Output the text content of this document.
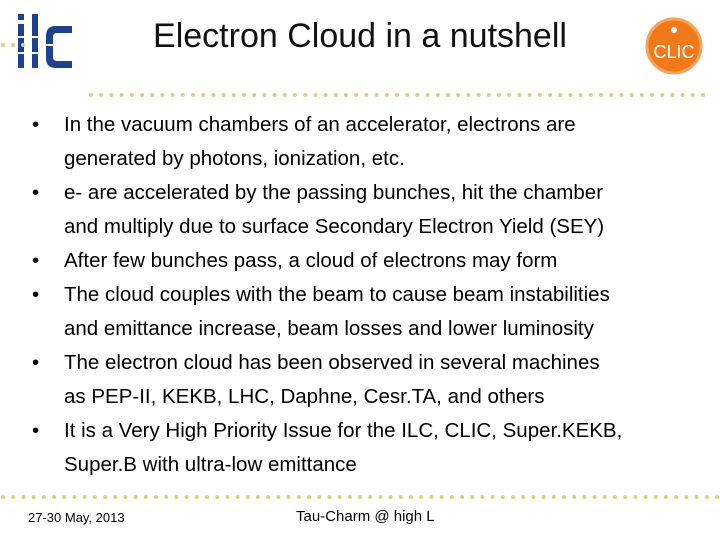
CLIC
Electron Cloud in a nutshell
In the vacuum chambers of an accelerator, electrons are
generated by photons, ionization, etc.
e- are accelerated by the passing bunches, hit the chamber
and multiply due to surface Secondary Electron Yield (SEY)
After few bunches pass, a cloud of electrons may form
The cloud couples with the beam to cause beam instabilities
and emittance increase, beam losses and lower luminosity
The electron cloud has been observed in several machines
as PEP-II, KEKB, LHC, Daphne, Cesr.TA, and others
It is a Very High Priority Issue for the ILC, CLIC, Super.KEKB,
Super.B with ultra-low emittance
27-30 May, 2013	Tau-Charm @ high L
